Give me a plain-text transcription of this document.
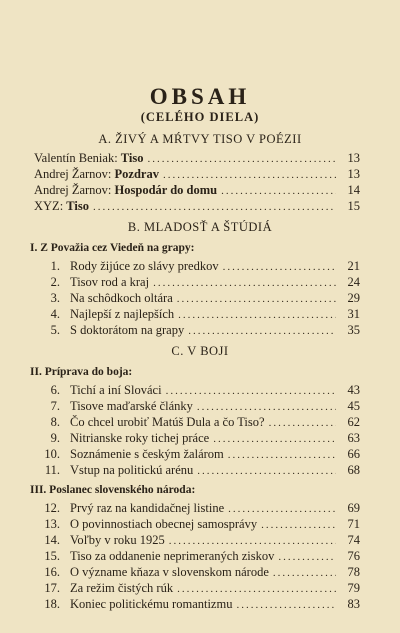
OBSAH
(CELÉHO DIELA)
A. ŽIVÝ A MŔTVY TISO V POÉZII
Valentín Beniak: Tiso .....	13
Andrej Žarnov: Pozdrav .....	13
Andrej Žarnov: Hospodár do domu .....	14
XYZ: Tiso .....	15
B. MLADOSŤ A ŠTÚDIÁ
I. Z Považia cez Viedeň na grapy:
1. Rody žijúce zo slávy predkov .....	21
2. Tisov rod a kraj .....	24
3. Na schôdkoch oltára .....	29
4. Najlepší z najlepších .....	31
5. S doktorátom na grapy .....	35
C. V BOJI
II. Príprava do boja:
6. Tichí a iní Slováci .....	43
7. Tisove maďarské články .....	45
8. Čo chcel urobiť Matúš Dula a čo Tiso? .....	62
9. Nitrianske roky tichej práce .....	63
10. Soznámenie s českým žalárom .....	66
11. Vstup na politickú arénu .....	68
III. Poslanec slovenského národa:
12. Prvý raz na kandidačnej listine .....	69
13. O povinnostiach obecnej samosprávy .....	71
14. Voľby v roku 1925 .....	74
15. Tiso za oddanenie neprimeraných ziskov .....	76
16. O význame kňaza v slovenskom národe .....	78
17. Za režim čistých rúk .....	79
18. Koniec politickému romantizmu .....	83
